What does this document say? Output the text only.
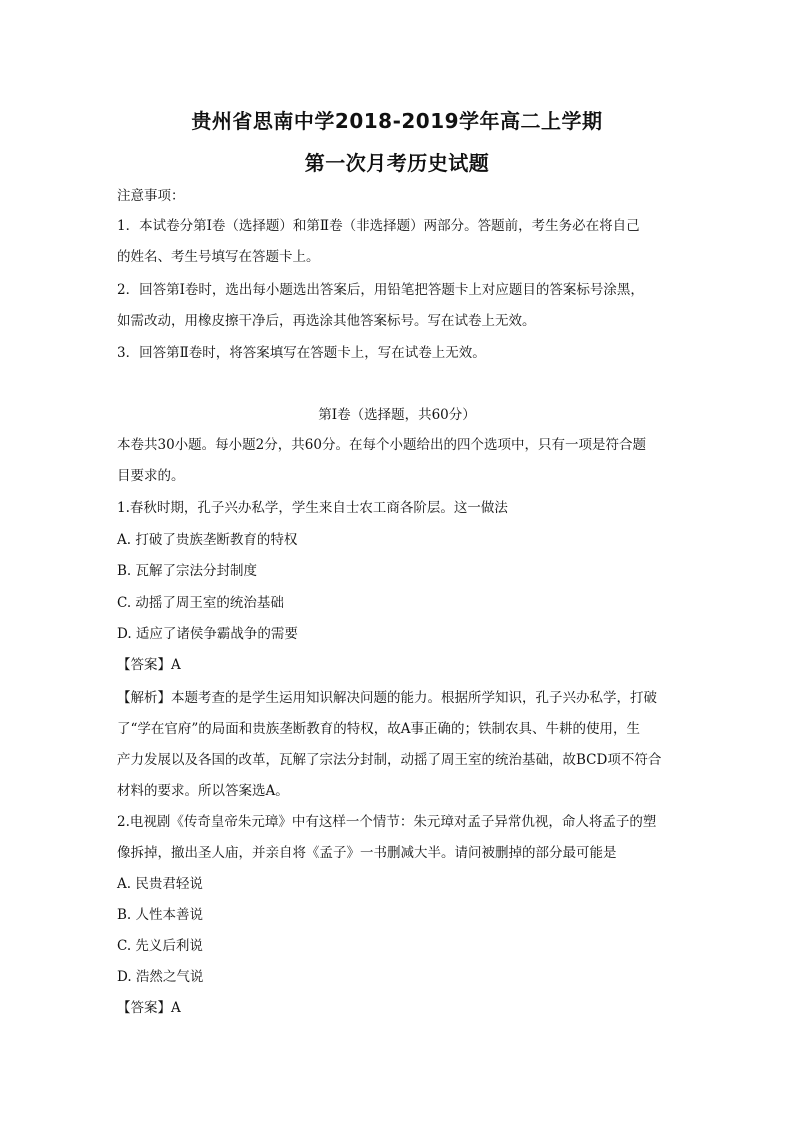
贵州省思南中学2018-2019学年高二上学期
第一次月考历史试题
注意事项：
1．本试卷分第Ⅰ卷（选择题）和第Ⅱ卷（非选择题）两部分。答题前，考生务必在将自己
的姓名、考生号填写在答题卡上。
2．回答第Ⅰ卷时，选出每小题选出答案后，用铅笔把答题卡上对应题目的答案标号涂黑，
如需改动，用橡皮擦干净后，再选涂其他答案标号。写在试卷上无效。
3．回答第Ⅱ卷时，将答案填写在答题卡上，写在试卷上无效。
第Ⅰ卷（选择题，共60分）
本卷共30小题。每小题2分，共60分。在每个小题给出的四个选项中，只有一项是符合题
目要求的。
1.春秋时期，孔子兴办私学，学生来自士农工商各阶层。这一做法
A. 打破了贵族垄断教育的特权
B. 瓦解了宗法分封制度
C. 动摇了周王室的统治基础
D. 适应了诸侯争霸战争的需要
【答案】A
【解析】本题考查的是学生运用知识解决问题的能力。根据所学知识，孔子兴办私学，打破
了“学在官府”的局面和贵族垄断教育的特权，故A事正确的；铁制农具、牛耕的使用，生
产力发展以及各国的改革，瓦解了宗法分封制，动摇了周王室的统治基础，故BCD项不符合
材料的要求。所以答案选A。
2.电视剧《传奇皇帝朱元璋》中有这样一个情节：朱元璋对孟子异常仇视，命人将孟子的塑
像拆掉，撤出圣人庙，并亲自将《孟子》一书删减大半。请问被删掉的部分最可能是
A. 民贵君轻说
B. 人性本善说
C. 先义后利说
D. 浩然之气说
【答案】A
